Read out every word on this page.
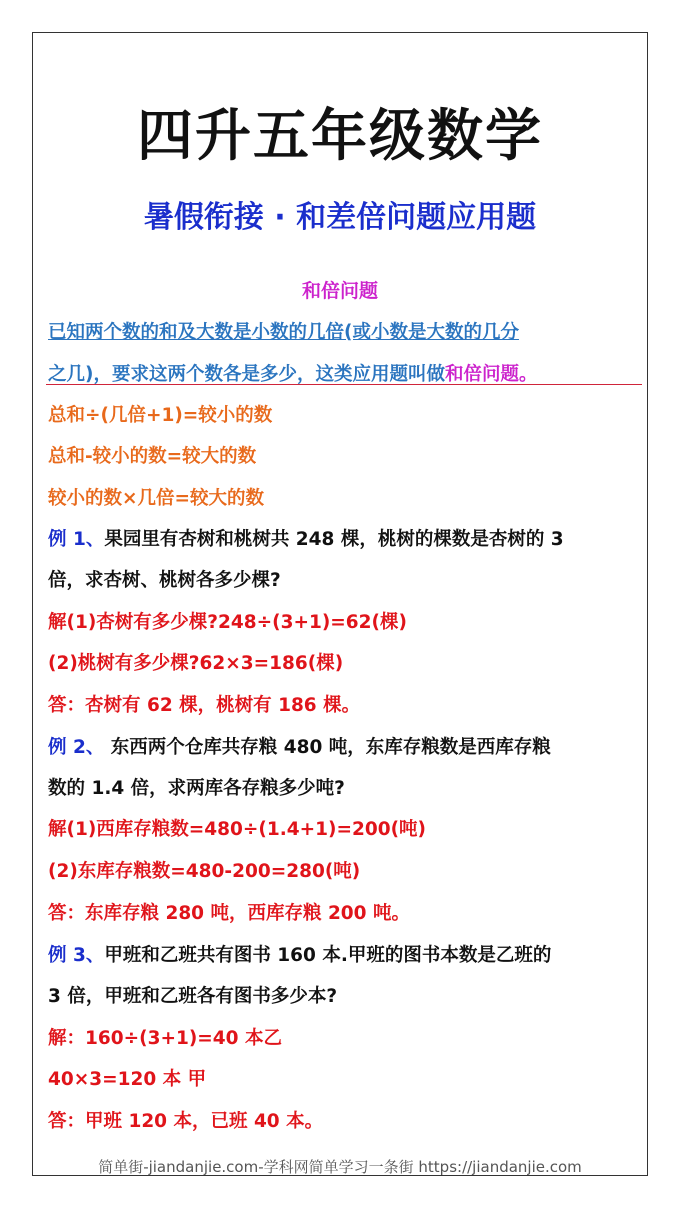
四升五年级数学
暑假衔接 · 和差倍问题应用题
和倍问题
已知两个数的和及大数是小数的几倍(或小数是大数的几分
之几)，要求这两个数各是多少，这类应用题叫做和倍问题。
总和÷(几倍+1)=较小的数
总和-较小的数=较大的数
较小的数×几倍=较大的数
例 1、果园里有杏树和桃树共 248 棵，桃树的棵数是杏树的 3
倍，求杏树、桃树各多少棵?
解(1)杏树有多少棵?248÷(3+1)=62(棵)
(2)桃树有多少棵?62×3=186(棵)
答：杏树有 62 棵，桃树有 186 棵。
例 2、 东西两个仓库共存粮 480 吨，东库存粮数是西库存粮
数的 1.4 倍，求两库各存粮多少吨?
解(1)西库存粮数=480÷(1.4+1)=200(吨)
(2)东库存粮数=480-200=280(吨)
答：东库存粮 280 吨，西库存粮 200 吨。
例 3、甲班和乙班共有图书 160 本.甲班的图书本数是乙班的
3 倍，甲班和乙班各有图书多少本?
解：160÷(3+1)=40 本乙
40×3=120 本 甲
答：甲班 120 本，已班 40 本。
简单街-jiandanjie.com-学科网简单学习一条街 https://jiandanjie.com
